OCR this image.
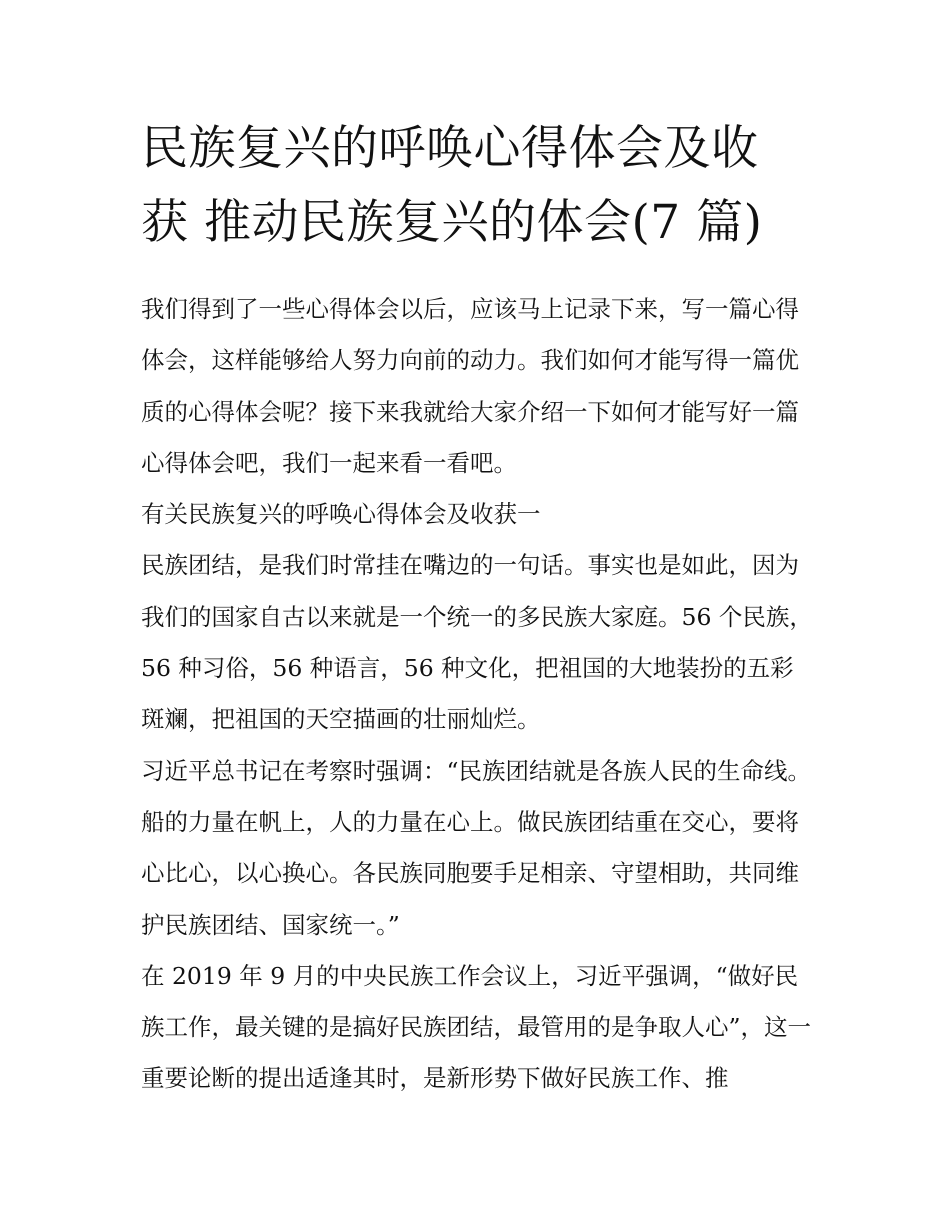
民族复兴的呼唤心得体会及收
获 推动民族复兴的体会(7 篇)

我们得到了一些心得体会以后，应该马上记录下来，写一篇心得体会，这样能够给人努力向前的动力。我们如何才能写得一篇优质的心得体会呢？接下来我就给大家介绍一下如何才能写好一篇心得体会吧，我们一起来看一看吧。

有关民族复兴的呼唤心得体会及收获一

民族团结，是我们时常挂在嘴边的一句话。事实也是如此，因为我们的国家自古以来就是一个统一的多民族大家庭。56 个民族，56 种习俗，56 种语言，56 种文化，把祖国的大地装扮的五彩斑斓，把祖国的天空描画的壮丽灿烂。

习近平总书记在考察时强调：“民族团结就是各族人民的生命线。船的力量在帆上，人的力量在心上。做民族团结重在交心，要将心比心，以心换心。各民族同胞要手足相亲、守望相助，共同维护民族团结、国家统一。”

在 2019 年 9 月的中央民族工作会议上，习近平强调，“做好民族工作，最关键的是搞好民族团结，最管用的是争取人心”，这一重要论断的提出适逢其时，是新形势下做好民族工作、推
